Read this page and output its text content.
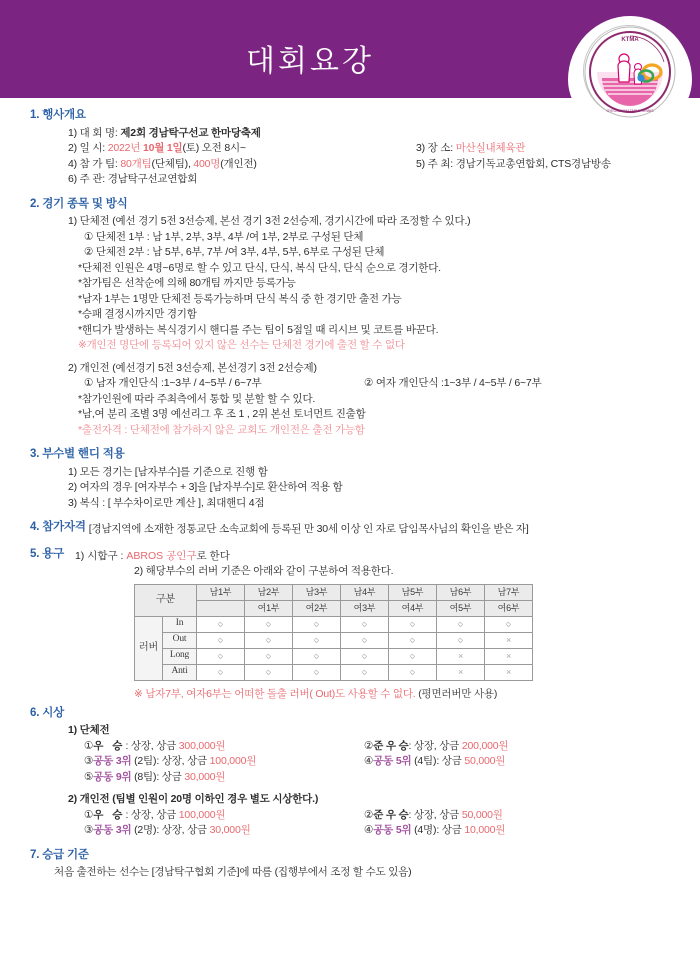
대회요강
KTMA
GYEONGNAM TABLE TENNIS
1. 행사개요
1) 대 회 명: 제2회 경남탁구선교 한마당축제
2) 일 시: 2022년 10월 1일(토) 오전 8시~	3) 장 소: 마산실내체육관
4) 참 가 팀: 80개팀(단체팀), 400명(개인전)	5) 주 최: 경남기독교총연합회, CTS경남방송
6) 주 관: 경남탁구선교연합회
2. 경기 종목 및 방식
1) 단체전 (예선 경기 5전 3선승제, 본선 경기 3전 2선승제, 경기시간에 따라 조정할 수 있다.)
① 단체전 1부 : 남 1부, 2부, 3부, 4부 /여 1부, 2부로 구성된 단체
② 단체전 2부 : 남 5부, 6부, 7부 /여 3부, 4부, 5부, 6부로 구성된 단체
*단체전 인원은 4명~6명로 할 수 있고 단식, 단식, 복식 단식, 단식 순으로 경기한다.
*참가팀은 선착순에 의해 80개팀 까지만 등록가능
*남자 1부는 1명만 단체전 등록가능하며 단식 복식 중 한 경기만 출전 가능
*승패 결정시까지만 경기함
*핸디가 발생하는 복식경기시 핸디를 주는 팀이 5점일 때 리시브 및 코트를 바꾼다.
※개인전 명단에 등록되어 있지 않은 선수는 단체전 경기에 출전 할 수 없다
2) 개인전 (예선경기 5전 3선승제, 본선경기 3전 2선승제)
① 남자 개인단식 :1~3부 / 4~5부 / 6~7부	② 여자 개인단식 :1~3부 / 4~5부 / 6~7부
*참가인원에 따라 주최측에서 통합 및 분할 할 수 있다.
*남,여 분리 조별 3명 예선리그 후 조 1 , 2위 본선 토너먼트 진출함
*출전자격 : 단체전에 참가하지 않은 교회도 개인전은 출전 가능함
3. 부수별 핸디 적용
1) 모든 경기는 [남자부수]를 기준으로 진행 함
2) 여자의 경우 [여자부수 + 3]을 [남자부수]로 환산하여 적용 함
3) 복식 : [ 부수차이로만 계산 ], 최대핸디 4점
4. 참가자격 [경남지역에 소재한 정통교단 소속교회에 등록된 만 30세 이상 인 자로 담임목사님의 확인을 받은 자]
5. 용구 1) 시합구 : ABROS 공인구로 한다
2) 해당부수의 러버 기준은 아래와 같이 구분하여 적용한다.
구분		남1부	남2부	남3부	남4부	남5부	남6부	남7부
			여1부	여2부	여3부	여4부	여5부	여6부
러버	In	○	○	○	○	○	○	○
	Out	○	○	○	○	○	○	×
	Long	○	○	○	○	○	×	×
	Anti	○	○	○	○	○	×	×
※ 남자7부, 여자6부는 어떠한 돌출 러버( Out)도 사용할 수 없다. (평면러버만 사용)
6. 시상
1) 단체전
①우 승: 상장, 상금 300,000원	②준 우 승: 상장, 상금 200,000원
③공동 3위 (2팀): 상장, 상금 100,000원	④공동 5위 (4팀): 상금 50,000원
⑤공동 9위 (8팀): 상금 30,000원
2) 개인전 (팀별 인원이 20명 이하인 경우 별도 시상한다.)
①우 승: 상장, 상금 100,000원	②준 우 승: 상장, 상금 50,000원
③공동 3위 (2명): 상장, 상금 30,000원	④공동 5위 (4명): 상금 10,000원
7. 승급 기준
처음 출전하는 선수는 [경남탁구협회 기준]에 따름 (집행부에서 조정 할 수도 있음)
